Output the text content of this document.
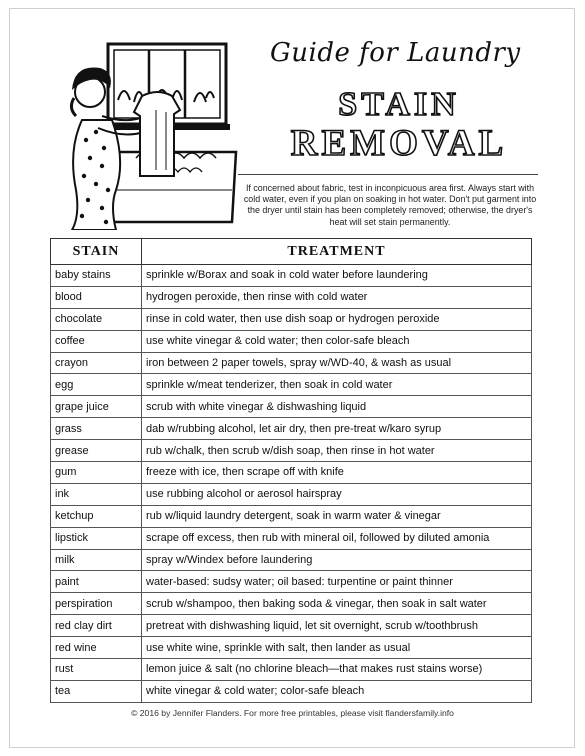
Guide for Laundry
STAIN
REMOVAL
If concerned about fabric, test in inconpicuous area first. Always start with cold water, even if you plan on soaking in hot water. Don't put garment into the dryer until stain has been completely removed; otherwise, the dryer's heat will set stain permanently.
STAIN	TREATMENT
baby stains	sprinkle w/Borax and soak in cold water before laundering
blood	hydrogen peroxide, then rinse with cold water
chocolate	rinse in cold water, then use dish soap or hydrogen peroxide
coffee	use white vinegar & cold water; then color-safe bleach
crayon	iron between 2 paper towels, spray w/WD-40, & wash as usual
egg	sprinkle w/meat tenderizer, then soak in cold water
grape juice	scrub with white vinegar & dishwashing liquid
grass	dab w/rubbing alcohol, let air dry, then pre-treat w/karo syrup
grease	rub w/chalk, then scrub w/dish soap, then rinse in hot water
gum	freeze with ice, then scrape off with knife
ink	use rubbing alcohol or aerosol hairspray
ketchup	rub w/liquid laundry detergent, soak in warm water & vinegar
lipstick	scrape off excess, then rub with mineral oil, followed by diluted amonia
milk	spray w/Windex before laundering
paint	water-based: sudsy water; oil based: turpentine or paint thinner
perspiration	scrub w/shampoo, then baking soda & vinegar, then soak in salt water
red clay dirt	pretreat with dishwashing liquid, let sit overnight, scrub w/toothbrush
red wine	use white wine, sprinkle with salt, then lander as usual
rust	lemon juice & salt (no chlorine bleach—that makes rust stains worse)
tea	white vinegar & cold water; color-safe bleach
© 2016 by Jennifer Flanders. For more free printables, please visit flandersfamily.info
